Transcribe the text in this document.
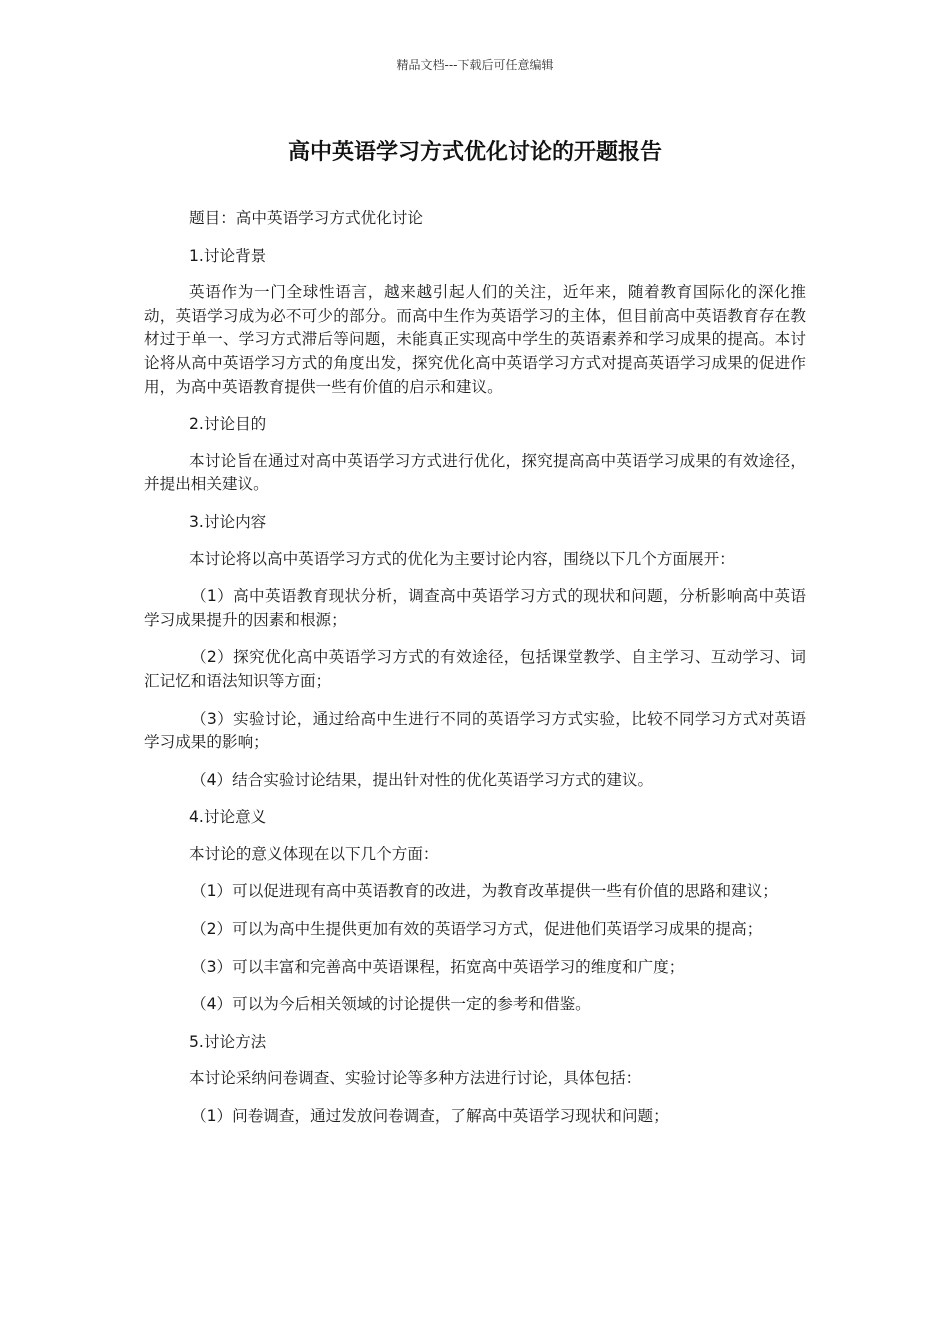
精品文档---下载后可任意编辑
高中英语学习方式优化讨论的开题报告

题目：高中英语学习方式优化讨论

1.讨论背景

英语作为一门全球性语言，越来越引起人们的关注，近年来，随着教育国际化的深化推动，英语学习成为必不可少的部分。而高中生作为英语学习的主体，但目前高中英语教育存在教材过于单一、学习方式滞后等问题，未能真正实现高中学生的英语素养和学习成果的提高。本讨论将从高中英语学习方式的角度出发，探究优化高中英语学习方式对提高英语学习成果的促进作用，为高中英语教育提供一些有价值的启示和建议。

2.讨论目的

本讨论旨在通过对高中英语学习方式进行优化，探究提高高中英语学习成果的有效途径，并提出相关建议。

3.讨论内容

本讨论将以高中英语学习方式的优化为主要讨论内容，围绕以下几个方面展开：

（1）高中英语教育现状分析，调查高中英语学习方式的现状和问题，分析影响高中英语学习成果提升的因素和根源；

（2）探究优化高中英语学习方式的有效途径，包括课堂教学、自主学习、互动学习、词汇记忆和语法知识等方面；

（3）实验讨论，通过给高中生进行不同的英语学习方式实验，比较不同学习方式对英语学习成果的影响；

（4）结合实验讨论结果，提出针对性的优化英语学习方式的建议。

4.讨论意义

本讨论的意义体现在以下几个方面：

（1）可以促进现有高中英语教育的改进，为教育改革提供一些有价值的思路和建议；

（2）可以为高中生提供更加有效的英语学习方式，促进他们英语学习成果的提高；

（3）可以丰富和完善高中英语课程，拓宽高中英语学习的维度和广度；

（4）可以为今后相关领域的讨论提供一定的参考和借鉴。

5.讨论方法

本讨论采纳问卷调查、实验讨论等多种方法进行讨论，具体包括：

（1）问卷调查，通过发放问卷调查，了解高中英语学习现状和问题；
